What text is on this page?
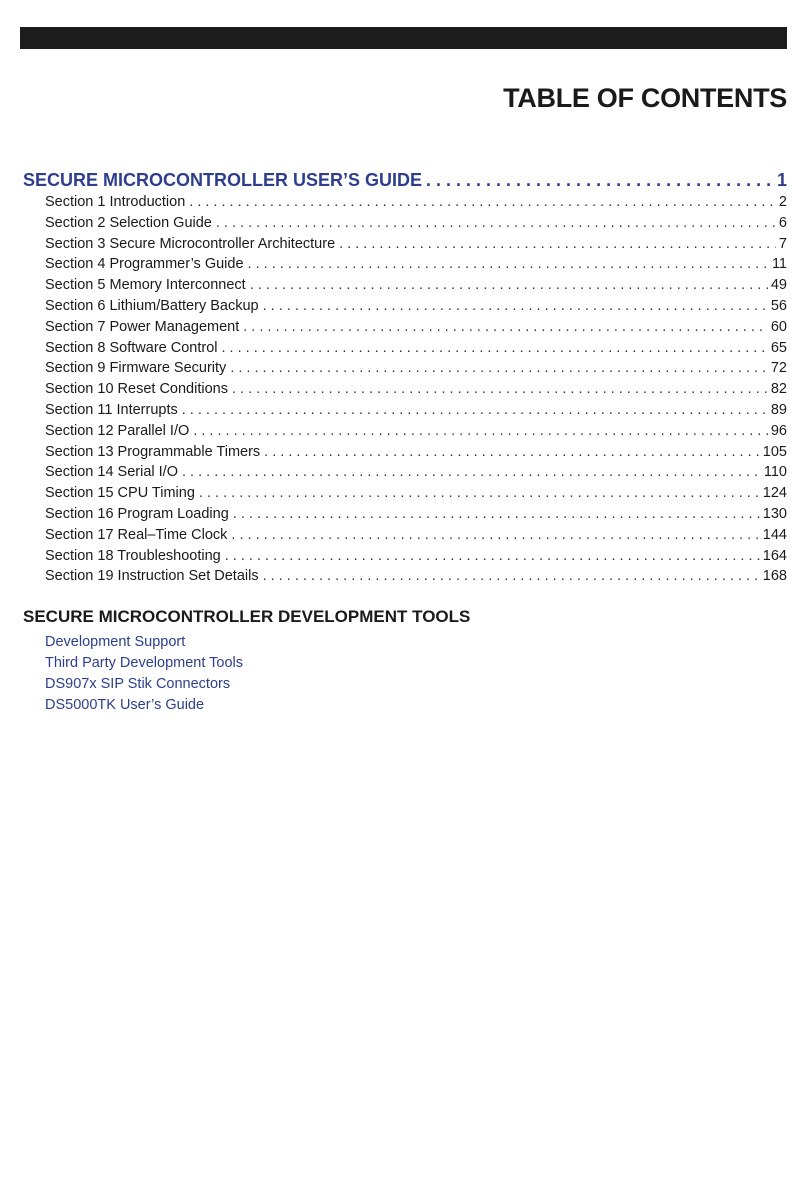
TABLE OF CONTENTS
SECURE MICROCONTROLLER USER’S GUIDE . . .	1
Section 1 Introduction . . .	2
Section 2 Selection Guide . . .	6
Section 3 Secure Microcontroller Architecture . . .	7
Section 4 Programmer’s Guide . . .	11
Section 5 Memory Interconnect . . .	49
Section 6 Lithium/Battery Backup . . .	56
Section 7 Power Management . . .	60
Section 8 Software Control . . .	65
Section 9 Firmware Security . . .	72
Section 10 Reset Conditions . . .	82
Section 11 Interrupts . . .	89
Section 12 Parallel I/O . . .	96
Section 13 Programmable Timers . . .	105
Section 14 Serial I/O . . .	110
Section 15 CPU Timing . . .	124
Section 16 Program Loading . . .	130
Section 17 Real–Time Clock . . .	144
Section 18 Troubleshooting . . .	164
Section 19 Instruction Set Details . . .	168
SECURE MICROCONTROLLER DEVELOPMENT TOOLS
Development Support
Third Party Development Tools
DS907x SIP Stik Connectors
DS5000TK User’s Guide
